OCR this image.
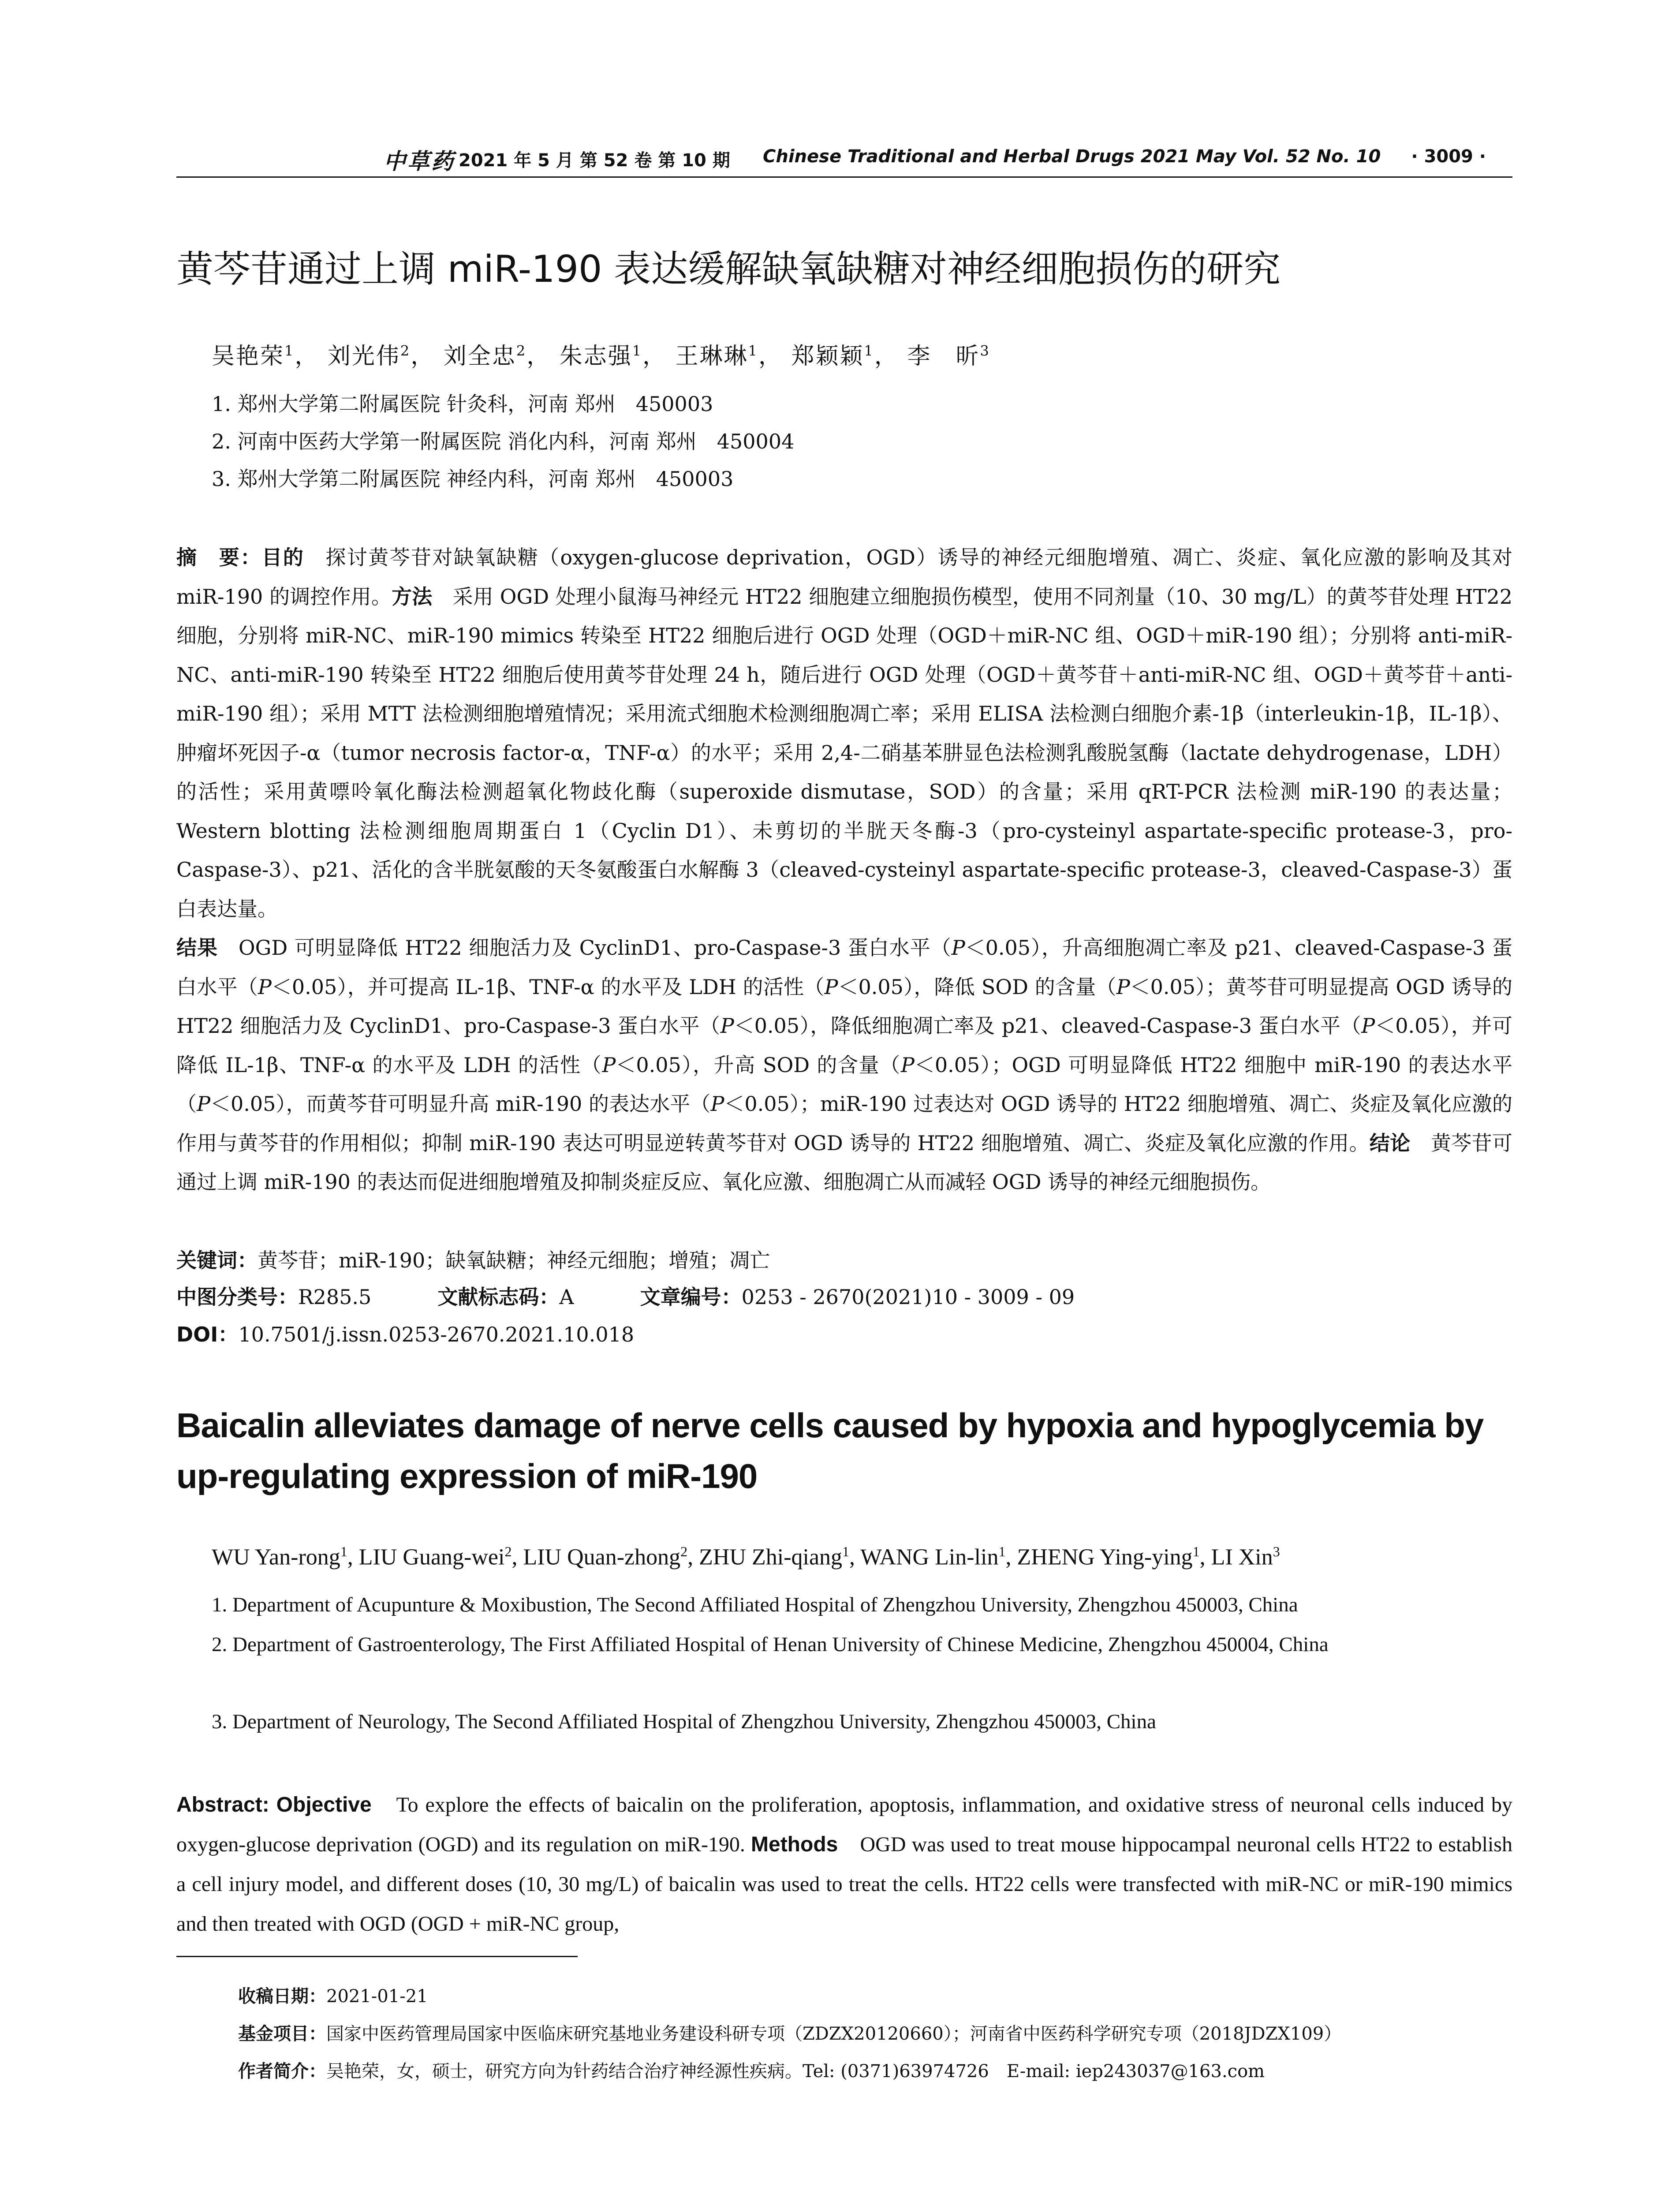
中草药 2021 年 5 月 第 52 卷 第 10 期 Chinese Traditional and Herbal Drugs 2021 May Vol. 52 No. 10 · 3009 ·
黄芩苷通过上调 miR-190 表达缓解缺氧缺糖对神经细胞损伤的研究
吴艳荣$^1$， 刘光伟$^2$， 刘全忠$^2$， 朱志强$^1$， 王琳琳$^1$， 郑颖颖$^1$， 李　昕$^3$
1. 郑州大学第二附属医院 针灸科，河南 郑州　450003
2. 河南中医药大学第一附属医院 消化内科，河南 郑州　450004
3. 郑州大学第二附属医院 神经内科，河南 郑州　450003
摘　要：目的　探讨黄芩苷对缺氧缺糖（oxygen-glucose deprivation，OGD）诱导的神经元细胞增殖、凋亡、炎症、氧化应激的影响及其对 miR-190 的调控作用。方法　采用 OGD 处理小鼠海马神经元 HT22 细胞建立细胞损伤模型，使用不同剂量（10、30 mg/L）的黄芩苷处理 HT22 细胞，分别将 miR-NC、miR-190 mimics 转染至 HT22 细胞后进行 OGD 处理（OGD＋miR-NC 组、OGD＋miR-190 组）；分别将 anti-miR-NC、anti-miR-190 转染至 HT22 细胞后使用黄芩苷处理 24 h，随后进行 OGD 处理（OGD＋黄芩苷＋anti-miR-NC 组、OGD＋黄芩苷＋anti-miR-190 组）；采用 MTT 法检测细胞增殖情况；采用流式细胞术检测细胞凋亡率；采用 ELISA 法检测白细胞介素-1β（interleukin-1β，IL-1β）、肿瘤坏死因子-α（tumor necrosis factor-α，TNF-α）的水平；采用 2,4-二硝基苯肼显色法检测乳酸脱氢酶（lactate dehydrogenase，LDH）的活性；采用黄嘌呤氧化酶法检测超氧化物歧化酶（superoxide dismutase，SOD）的含量；采用 qRT-PCR 法检测 miR-190 的表达量；Western blotting 法检测细胞周期蛋白 1（Cyclin D1）、未剪切的半胱天冬酶-3（pro-cysteinyl aspartate-specific protease-3，pro-Caspase-3）、p21、活化的含半胱氨酸的天冬氨酸蛋白水解酶 3（cleaved-cysteinyl aspartate-specific protease-3，cleaved-Caspase-3）蛋白表达量。
结果　OGD 可明显降低 HT22 细胞活力及 CyclinD1、pro-Caspase-3 蛋白水平（P＜0.05），升高细胞凋亡率及 p21、cleaved-Caspase-3 蛋白水平（P＜0.05），并可提高 IL-1β、TNF-α 的水平及 LDH 的活性（P＜0.05），降低 SOD 的含量（P＜0.05）；黄芩苷可明显提高 OGD 诱导的 HT22 细胞活力及 CyclinD1、pro-Caspase-3 蛋白水平（P＜0.05），降低细胞凋亡率及 p21、cleaved-Caspase-3 蛋白水平（P＜0.05），并可降低 IL-1β、TNF-α 的水平及 LDH 的活性（P＜0.05），升高 SOD 的含量（P＜0.05）；OGD 可明显降低 HT22 细胞中 miR-190 的表达水平（P＜0.05），而黄芩苷可明显升高 miR-190 的表达水平（P＜0.05）；miR-190 过表达对 OGD 诱导的 HT22 细胞增殖、凋亡、炎症及氧化应激的作用与黄芩苷的作用相似；抑制 miR-190 表达可明显逆转黄芩苷对 OGD 诱导的 HT22 细胞增殖、凋亡、炎症及氧化应激的作用。结论　黄芩苷可通过上调 miR-190 的表达而促进细胞增殖及抑制炎症反应、氧化应激、细胞凋亡从而减轻 OGD 诱导的神经元细胞损伤。
关键词：黄芩苷；miR-190；缺氧缺糖；神经元细胞；增殖；凋亡
中图分类号：R285.5	文献标志码：A	文章编号：0253 - 2670(2021)10 - 3009 - 09
DOI：10.7501/j.issn.0253-2670.2021.10.018
Baicalin alleviates damage of nerve cells caused by hypoxia and hypoglycemia by up-regulating expression of miR-190
WU Yan-rong$^1$, LIU Guang-wei$^2$, LIU Quan-zhong$^2$, ZHU Zhi-qiang$^1$, WANG Lin-lin$^1$, ZHENG Ying-ying$^1$, LI Xin$^3$
1. Department of Acupunture & Moxibustion, The Second Affiliated Hospital of Zhengzhou University, Zhengzhou 450003, China
2. Department of Gastroenterology, The First Affiliated Hospital of Henan University of Chinese Medicine, Zhengzhou 450004, China
3. Department of Neurology, The Second Affiliated Hospital of Zhengzhou University, Zhengzhou 450003, China
Abstract: Objective　To explore the effects of baicalin on the proliferation, apoptosis, inflammation, and oxidative stress of neuronal cells induced by oxygen-glucose deprivation (OGD) and its regulation on miR-190. Methods　OGD was used to treat mouse hippocampal neuronal cells HT22 to establish a cell injury model, and different doses (10, 30 mg/L) of baicalin was used to treat the cells. HT22 cells were transfected with miR-NC or miR-190 mimics and then treated with OGD (OGD + miR-NC group,
收稿日期：2021-01-21
基金项目：国家中医药管理局国家中医临床研究基地业务建设科研专项（ZDZX20120660）；河南省中医药科学研究专项（2018JDZX109）
作者简介：吴艳荣，女，硕士，研究方向为针药结合治疗神经源性疾病。Tel: (0371)63974726　E-mail: iep243037@163.com
